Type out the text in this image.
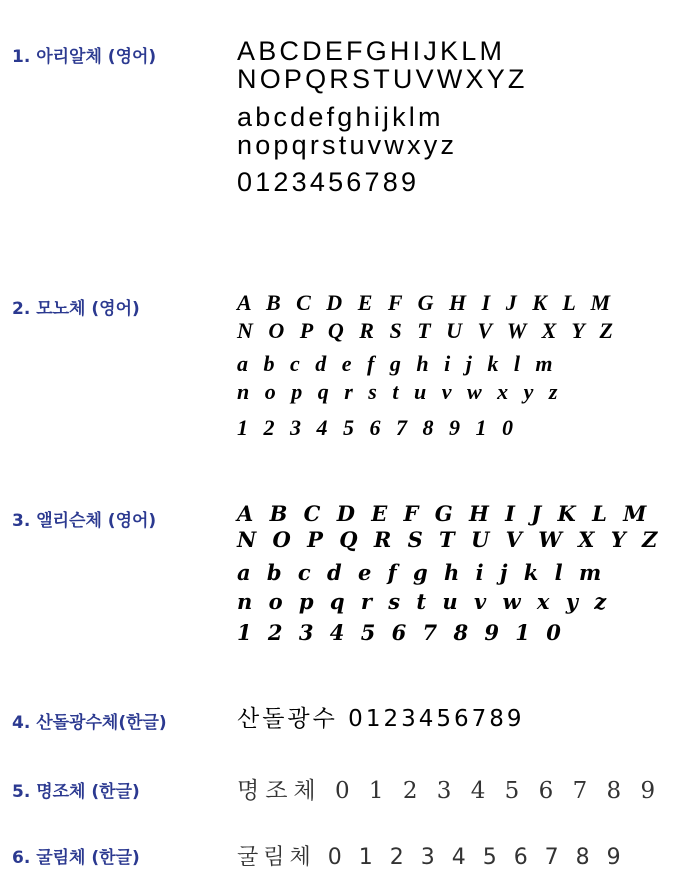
1. 아리알체 (영어)	ABCDEFGHIJKLM
NOPQRSTUVWXYZ
abcdefghijklm
nopqrstuvwxyz
0123456789
2. 모노체 (영어)	A B C D E F G H I J K L M
N O P Q R S T U V W X Y Z
a b c d e f g h i j k l m
n o p q r s t u v w x y z
1 2 3 4 5 6 7 8 9 1 0
3. 앨리슨체 (영어)	A B C D E F G H I J K L M
N O P Q R S T U V W X Y Z
a b c d e f g h i j k l m
n o p q r s t u v w x y z
1 2 3 4 5 6 7 8 9 1 0
4. 산돌광수체(한글)	산돌광수 0123456789
5. 명조체 (한글)	명조체 0 1 2 3 4 5 6 7 8 9
6. 굴림체 (한글)	굴림체 0 1 2 3 4 5 6 7 8 9
